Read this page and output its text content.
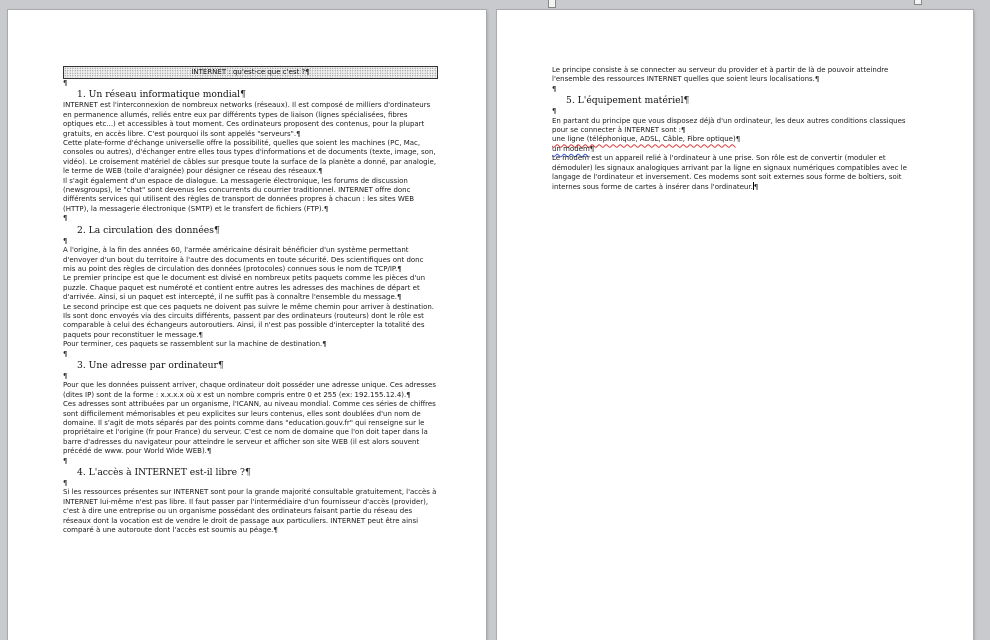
INTERNET : qu'est-ce que c'est ?¶

¶

1. Un réseau informatique mondial¶

INTERNET est l'interconnexion de nombreux networks (réseaux). Il est composé de milliers d'ordinateurs en permanence allumés, reliés entre eux par différents types de liaison (lignes spécialisées, fibres optiques etc...) et accessibles à tout moment. Ces ordinateurs proposent des contenus, pour la plupart gratuits, en accès libre. C'est pourquoi ils sont appelés "serveurs".¶

Cette plate-forme d'échange universelle offre la possibilité, quelles que soient les machines (PC, Mac, consoles ou autres), d'échanger entre elles tous types d'informations et de documents (texte, image, son, vidéo). Le croisement matériel de câbles sur presque toute la surface de la planète a donné, par analogie, le terme de WEB (toile d'araignée) pour désigner ce réseau des réseaux.¶

Il s'agit également d'un espace de dialogue. La messagerie électronique, les forums de discussion (newsgroups), le "chat" sont devenus les concurrents du courrier traditionnel. INTERNET offre donc différents services qui utilisent des règles de transport de données propres à chacun : les sites WEB (HTTP), la messagerie électronique (SMTP) et le transfert de fichiers (FTP).¶

¶

2. La circulation des données¶

¶

A l'origine, à la fin des années 60, l'armée américaine désirait bénéficier d'un système permettant d'envoyer d'un bout du territoire à l'autre des documents en toute sécurité. Des scientifiques ont donc mis au point des règles de circulation des données (protocoles) connues sous le nom de TCP/IP.¶

Le premier principe est que le document est divisé en nombreux petits paquets comme les pièces d'un puzzle. Chaque paquet est numéroté et contient entre autres les adresses des machines de départ et d'arrivée. Ainsi, si un paquet est intercepté, il ne suffit pas à connaître l'ensemble du message.¶

Le second principe est que ces paquets ne doivent pas suivre le même chemin pour arriver à destination. Ils sont donc envoyés via des circuits différents, passent par des ordinateurs (routeurs) dont le rôle est comparable à celui des échangeurs autoroutiers. Ainsi, il n'est pas possible d'intercepter la totalité des paquets pour reconstituer le message.¶

Pour terminer, ces paquets se rassemblent sur la machine de destination.¶

¶

3. Une adresse par ordinateur¶

¶

Pour que les données puissent arriver, chaque ordinateur doit posséder une adresse unique. Ces adresses (dites IP) sont de la forme : x.x.x.x où x est un nombre compris entre 0 et 255 (ex: 192.155.12.4).¶

Ces adresses sont attribuées par un organisme, l'ICANN, au niveau mondial. Comme ces séries de chiffres sont difficilement mémorisables et peu explicites sur leurs contenus, elles sont doublées d'un nom de domaine. Il s'agit de mots séparés par des points comme dans "education.gouv.fr" qui renseigne sur le propriétaire et l'origine (fr pour France) du serveur. C'est ce nom de domaine que l'on doit taper dans la barre d'adresses du navigateur pour atteindre le serveur et afficher son site WEB (il est alors souvent précédé de www. pour World Wide WEB).¶

¶

4. L'accès à INTERNET est-il libre ?¶

¶

Si les ressources présentes sur INTERNET sont pour la grande majorité consultable gratuitement, l'accès à INTERNET lui-même n'est pas libre. Il faut passer par l'intermédiaire d'un fournisseur d'accès (provider), c'est à dire une entreprise ou un organisme possédant des ordinateurs faisant partie du réseau des réseaux dont la vocation est de vendre le droit de passage aux particuliers. INTERNET peut être ainsi comparé à une autoroute dont l'accès est soumis au péage.¶

Le principe consiste à se connecter au serveur du provider et à partir de là de pouvoir atteindre l'ensemble des ressources INTERNET quelles que soient leurs localisations.¶

¶

5. L'équipement matériel¶

¶

En partant du principe que vous disposez déjà d'un ordinateur, les deux autres conditions classiques pour se connecter à INTERNET sont :¶

une ligne (téléphonique, ADSL, Câble, Fibre optique)¶

un modem¶

Le modem est un appareil relié à l'ordinateur à une prise. Son rôle est de convertir (moduler et démoduler) les signaux analogiques arrivant par la ligne en signaux numériques compatibles avec le langage de l'ordinateur et inversement. Ces modems sont soit externes sous forme de boîtiers, soit internes sous forme de cartes à insérer dans l'ordinateur.¶
